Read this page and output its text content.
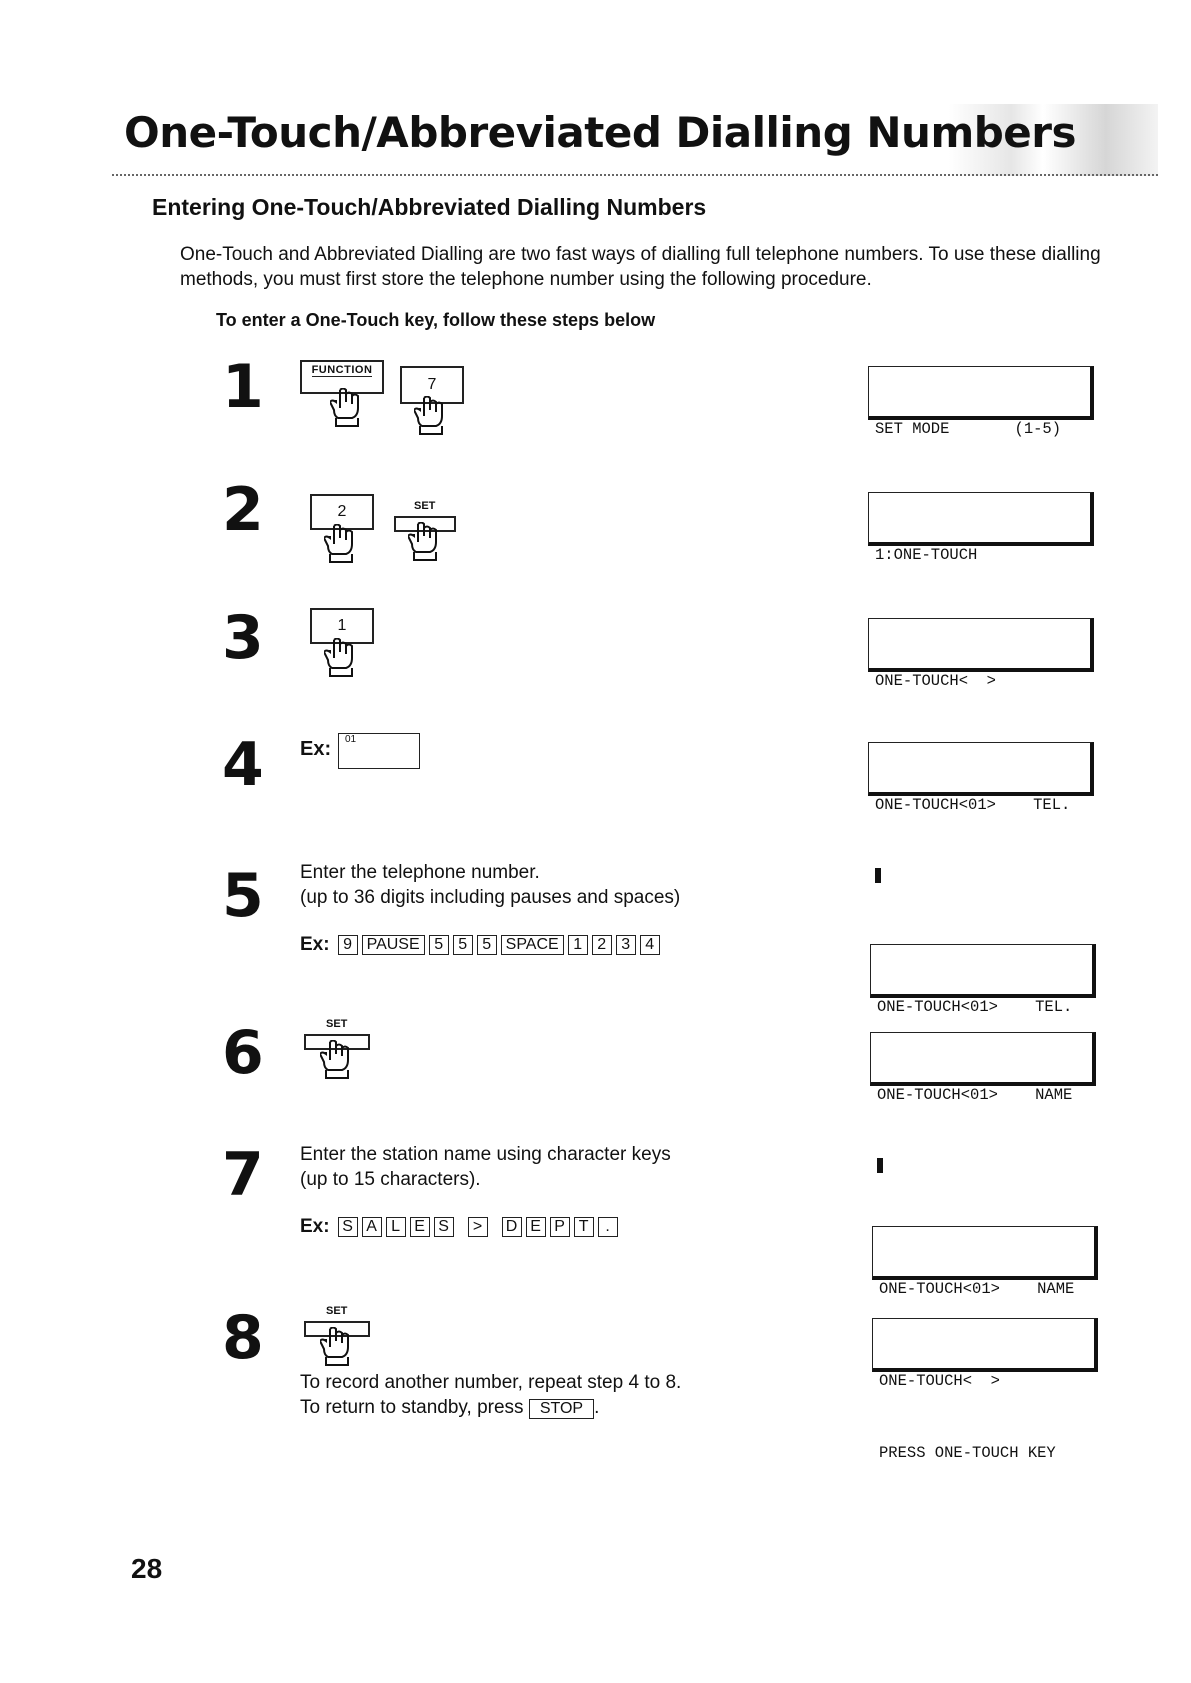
One-Touch/Abbreviated Dialling Numbers
Entering One-Touch/Abbreviated Dialling Numbers

One-Touch and Abbreviated Dialling are two fast ways of dialling full telephone numbers. To use these dialling

methods, you must first store the telephone number using the following procedure.

To enter a One-Touch key, follow these steps below
1	FUNCTION
7
2	2	SET
3	1
4 Ex: 01
5 Enter the telephone number.

(up to 36 digits including pauses and spaces)

Ex: 9 PAUSE 5 5 5 SPACE 1 2 3 4
6	SET
7 Enter the station name using character keys

(up to 15 characters).

Ex: S A L E S	>	D E P T	.
8	SET

To record another number, repeat step 4 to 8.

To return to standby, press STOP .

SET MODE       (1-5)

1:ONE-TOUCH

ONE-TOUCH<  >

ONE-TOUCH<01>    TEL.

ONE-TOUCH<01>    TEL.

ONE-TOUCH<01>    NAME

ONE-TOUCH<01>    NAME

ONE-TOUCH<  >

PRESS ONE-TOUCH KEY

28
